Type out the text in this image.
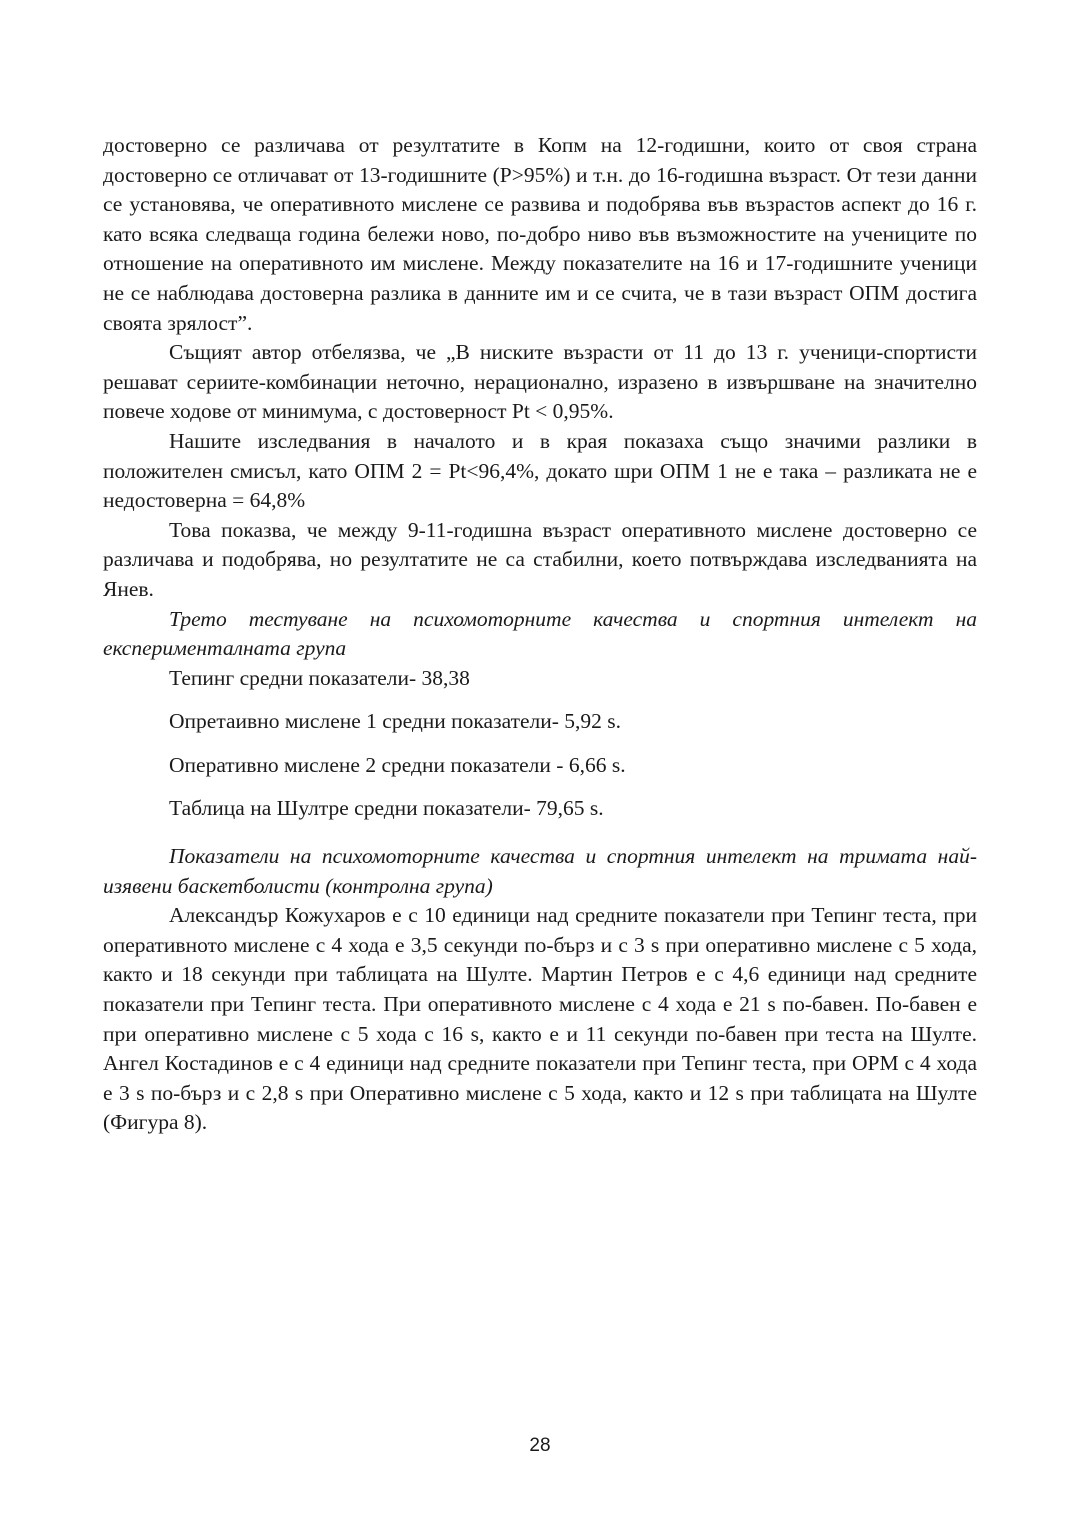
достоверно се различава от резултатите в Копм на 12-годишни, които от своя страна достоверно се отличават от 13-годишните (Р>95%) и т.н. до 16-годишна възраст. От тези данни се установява, че оперативното мислене се развива и подобрява във възрастов аспект до 16 г. като всяка следваща година бележи ново, по-добро ниво във възможностите на учениците по отношение на оперативното им мислене. Между показателите на 16 и 17-годишните ученици не се наблюдава достоверна разлика в данните им и се счита, че в тази възраст ОПМ достига своята зрялост”.

Същият автор отбелязва, че „В ниските възрасти от 11 до 13 г. ученици-спортисти решават сериите-комбинации неточно, нерационално, изразено в извършване на значително повече ходове от минимума, с достоверност Pt < 0,95%.

Нашите изследвания в началото и в края показаха също значими разлики в положителен смисъл, като ОПМ 2 = Pt<96,4%, докато шри ОПМ 1 не е така – разликата не е недостоверна = 64,8%

Това показва, че между 9-11-годишна възраст оперативното мислене достоверно се различава и подобрява, но резултатите не са стабилни, което потвърждава изследванията на Янев.

Трето тестуване на психомоторните качества и спортния интелект на експерименталната група

Тепинг средни показатели- 38,38

Опретаивно мислене 1 средни показатели- 5,92 s.

Оперативно мислене 2 средни показатели - 6,66 s.

Таблица на Шултре средни показатели- 79,65 s.

Показатели на психомоторните качества и спортния интелект на тримата най-изявени баскетболисти (контролна група)

Александър Кожухаров е с 10 единици над средните показатели при Тепинг теста, при оперативното мислене с 4 хода е 3,5 секунди по-бърз и с 3 s при оперативно мислене с 5 хода, както и 18 секунди при таблицата на Шулте. Мартин Петров е с 4,6 единици над средните показатели при Тепинг теста. При оперативното мислене с 4 хода е 21 s по-бавен. По-бавен е при оперативно мислене с 5 хода с 16 s, както е и 11 секунди по-бавен при теста на Шулте. Ангел Костадинов е с 4 единици над средните показатели при Тепинг теста, при ОРМ с 4 хода е 3 s по-бърз и с 2,8 s при Оперативно мислене с 5 хода, както и 12 s при таблицата на Шулте (Фигура 8).

28
